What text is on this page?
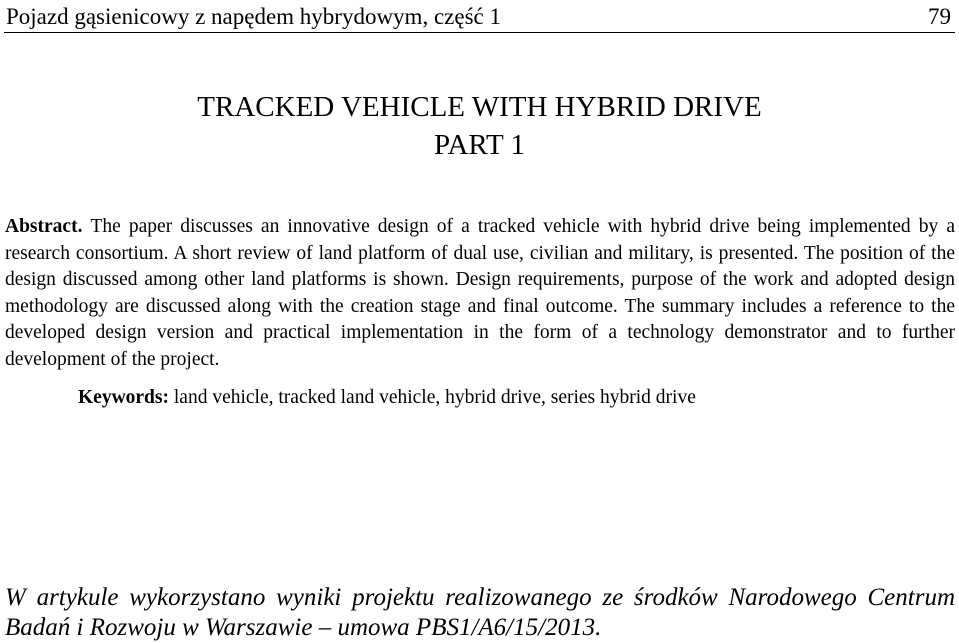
Pojazd gąsienicowy z napędem hybrydowym, część 1	79
TRACKED VEHICLE WITH HYBRID DRIVE
PART 1
Abstract. The paper discusses an innovative design of a tracked vehicle with hybrid drive being implemented by a research consortium. A short review of land platform of dual use, civilian and military, is presented. The position of the design discussed among other land platforms is shown. Design requirements, purpose of the work and adopted design methodology are discussed along with the creation stage and final outcome. The summary includes a reference to the developed design version and practical implementation in the form of a technology demonstrator and to further development of the project.
Keywords: land vehicle, tracked land vehicle, hybrid drive, series hybrid drive
W artykule wykorzystano wyniki projektu realizowanego ze środków Narodowego Centrum Badań i Rozwoju w Warszawie – umowa PBS1/A6/15/2013.
